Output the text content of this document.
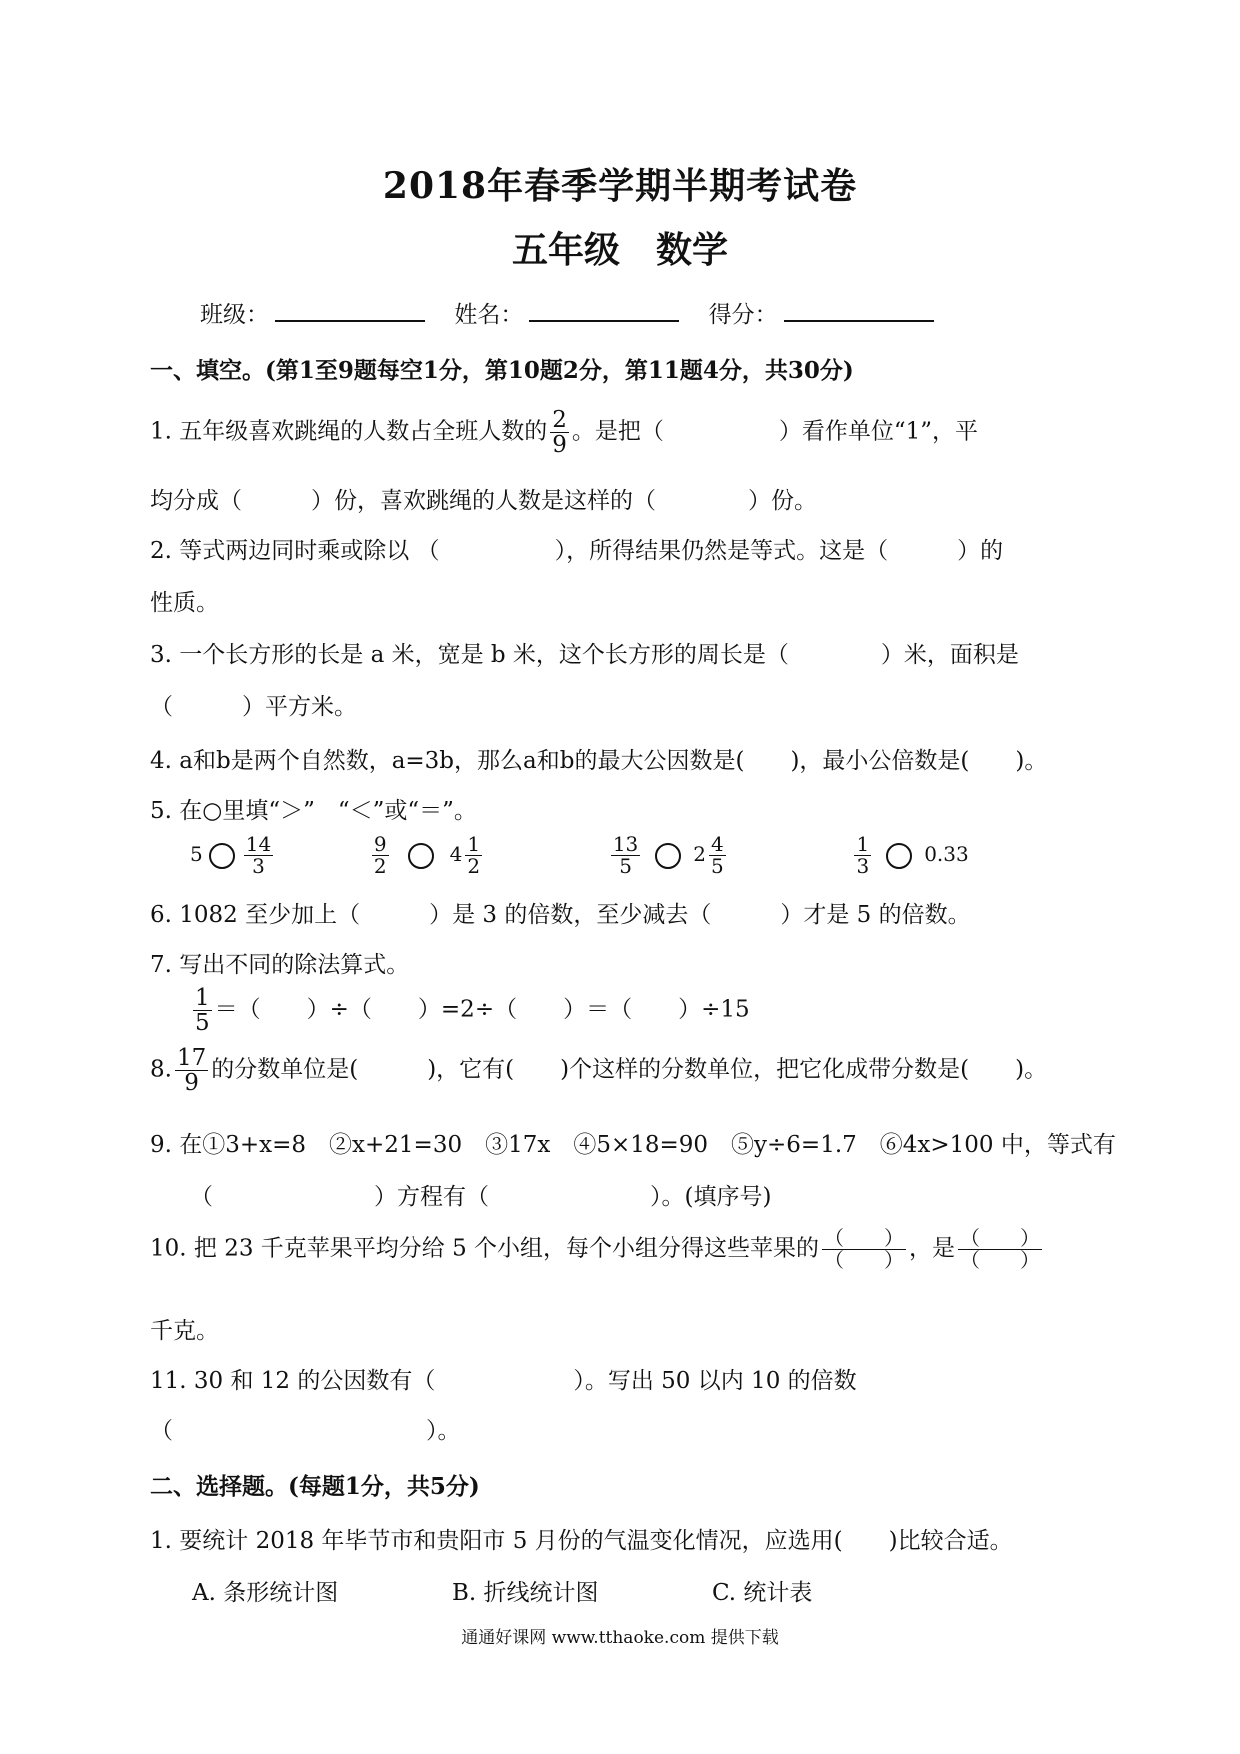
2018年春季学期半期考试卷
五年级　数学
班级：	姓名：	得分：
一、填空。(第1至9题每空1分，第10题2分，第11题4分，共30分)
1. 五年级喜欢跳绳的人数占全班人数的 $\frac{2}{9}$ 。是把（　　　　　）看作单位“1”，平
均分成（　　　）份，喜欢跳绳的人数是这样的（　　　　）份。
2. 等式两边同时乘或除以 （　　　　　），所得结果仍然是等式。这是（　　　）的
性质。
3. 一个长方形的长是 a 米，宽是 b 米，这个长方形的周长是（　　　　）米，面积是
（　　　）平方米。
4. a和b是两个自然数，a=3b，那么a和b的最大公因数是(　　)，最小公倍数是(　　)。
5. 在○里填“＞”　“＜”或“＝”。
$5 \frac{14}{3}$
	$\frac{9}{2}$	$4 \frac{1}{2}$
	$\frac{13}{5}$	$2 \frac{4}{5}$
	$\frac{1}{3}$	0.33
6. 1082 至少加上（　　　）是 3 的倍数，至少减去（　　　）才是 5 的倍数。
7. 写出不同的除法算式。
$\frac{1}{5}$ ＝（　　）÷（　　）=2÷（　　）＝（　　）÷15
8. $\frac{17}{9}$ 的分数单位是(　　　)，它有(　　)个这样的分数单位，把它化成带分数是(　　)。
9. 在①3+x=8　②x+21=30　③17x　④5×18=90　⑤y÷6=1.7　⑥4x>100 中，等式有
（　　　　　　　）方程有（　　　　　　　）。(填序号)
10. 把 23 千克苹果平均分给 5 个小组，每个小组分得这些苹果的 $\frac{( )}{( )}$ ，是 $\frac{( )}{( )}$
千克。
11. 30 和 12 的公因数有（　　　　　　）。写出 50 以内 10 的倍数
（　　　　　　　　　　　）。
二、选择题。(每题1分，共5分)
1. 要统计 2018 年毕节市和贵阳市 5 月份的气温变化情况，应选用(　　)比较合适。
A. 条形统计图	B. 折线统计图	C. 统计表
通通好课网 www.tthaoke.com 提供下载
